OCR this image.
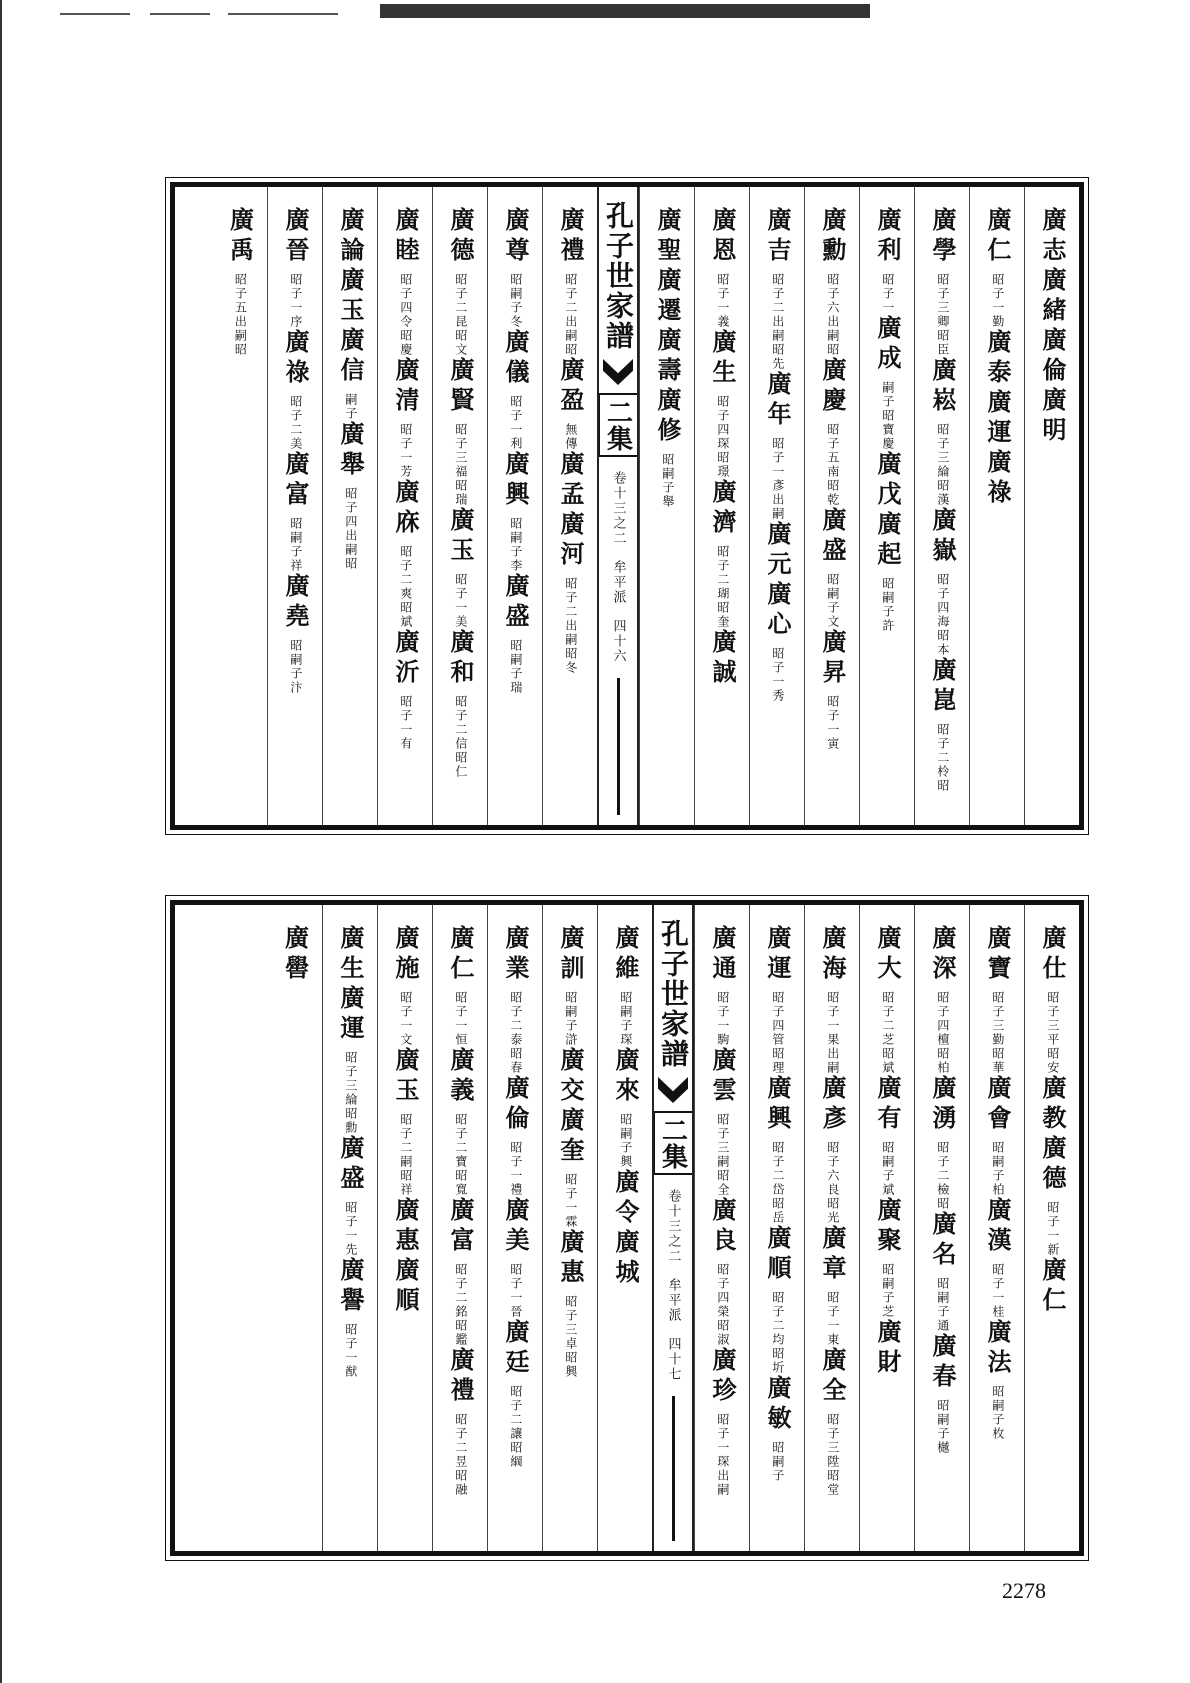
廣志
廣緒
廣倫
廣明
廣仁
昭子一勤
廣泰
廣運
廣祿
廣學
昭子三卿昭臣
廣崧
昭子三綸昭漢
廣嶽
昭子四海昭本
廣崑
昭子二柃昭
廣利
昭子一
廣成
嗣子昭寶慶
廣戊
廣起
昭嗣子許
廣勳
昭子六出嗣昭
廣慶
昭子五南昭乾
廣盛
昭嗣子文
廣昇
昭子一寅
廣吉
昭子二出嗣昭先
廣年
昭子一彥出嗣
廣元
廣心
昭子一秀
廣恩
昭子一義
廣生
昭子四琛昭璟
廣濟
昭子二瑚昭奎
廣誠
廣聖
廣遷
廣壽
廣修
昭嗣子舉
孔子世家譜
二集
卷十三之二
牟平派
四十六
廣禮
昭子二出嗣昭
廣盈
無傳
廣孟
廣河
昭子二出嗣昭冬
廣尊
昭嗣子冬
廣儀
昭子一利
廣興
昭嗣子李
廣盛
昭嗣子瑞
廣德
昭子二昆昭文
廣賢
昭子三福昭瑞
廣玉
昭子一美
廣和
昭子二信昭仁
廣睦
昭子四令昭慶
廣清
昭子一芳
廣庥
昭子二爽昭斌
廣沂
昭子一有
廣論
廣玉
廣信
嗣子
廣舉
昭子四出嗣昭
廣晉
昭子一序
廣祿
昭子二美
廣富
昭嗣子祥
廣堯
昭嗣子汴
廣禹
昭子五出嗣昭
廣仕
昭子三平昭安
廣教
廣德
昭子一新
廣仁
廣寶
昭子三勤昭華
廣會
昭嗣子柏
廣漢
昭子一桂
廣法
昭嗣子枚
廣深
昭子四檀昭柏
廣湧
昭子二檢昭
廣名
昭嗣子通
廣春
昭嗣子樾
廣大
昭子二芝昭斌
廣有
昭嗣子斌
廣聚
昭嗣子芝
廣財
廣海
昭子一果出嗣
廣彥
昭子六良昭光
廣章
昭子一東
廣全
昭子三陞昭堂
廣運
昭子四管昭理
廣興
昭子二岱昭岳
廣順
昭子二均昭圻
廣敏
昭嗣子
廣通
昭子一駒
廣雲
昭子三嗣昭全
廣良
昭子四榮昭淑
廣珍
昭子一琛出嗣
孔子世家譜
二集
卷十三之二
牟平派
四十七
廣維
昭嗣子琛
廣來
昭嗣子興
廣令
廣城
廣訓
昭嗣子滸
廣交
廣奎
昭子一霖
廣惠
昭子三卓昭興
廣業
昭子二泰昭春
廣倫
昭子一禮
廣美
昭子一晉
廣廷
昭子二讓昭綱
廣仁
昭子一恒
廣義
昭子二寶昭寬
廣富
昭子二銘昭鑑
廣禮
昭子二昱昭融
廣施
昭子一文
廣玉
昭子二嗣昭祥
廣惠
廣順
廣生
廣運
昭子三綸昭勳
廣盛
昭子一先
廣譽
昭子一猷
廣嚳
2278
